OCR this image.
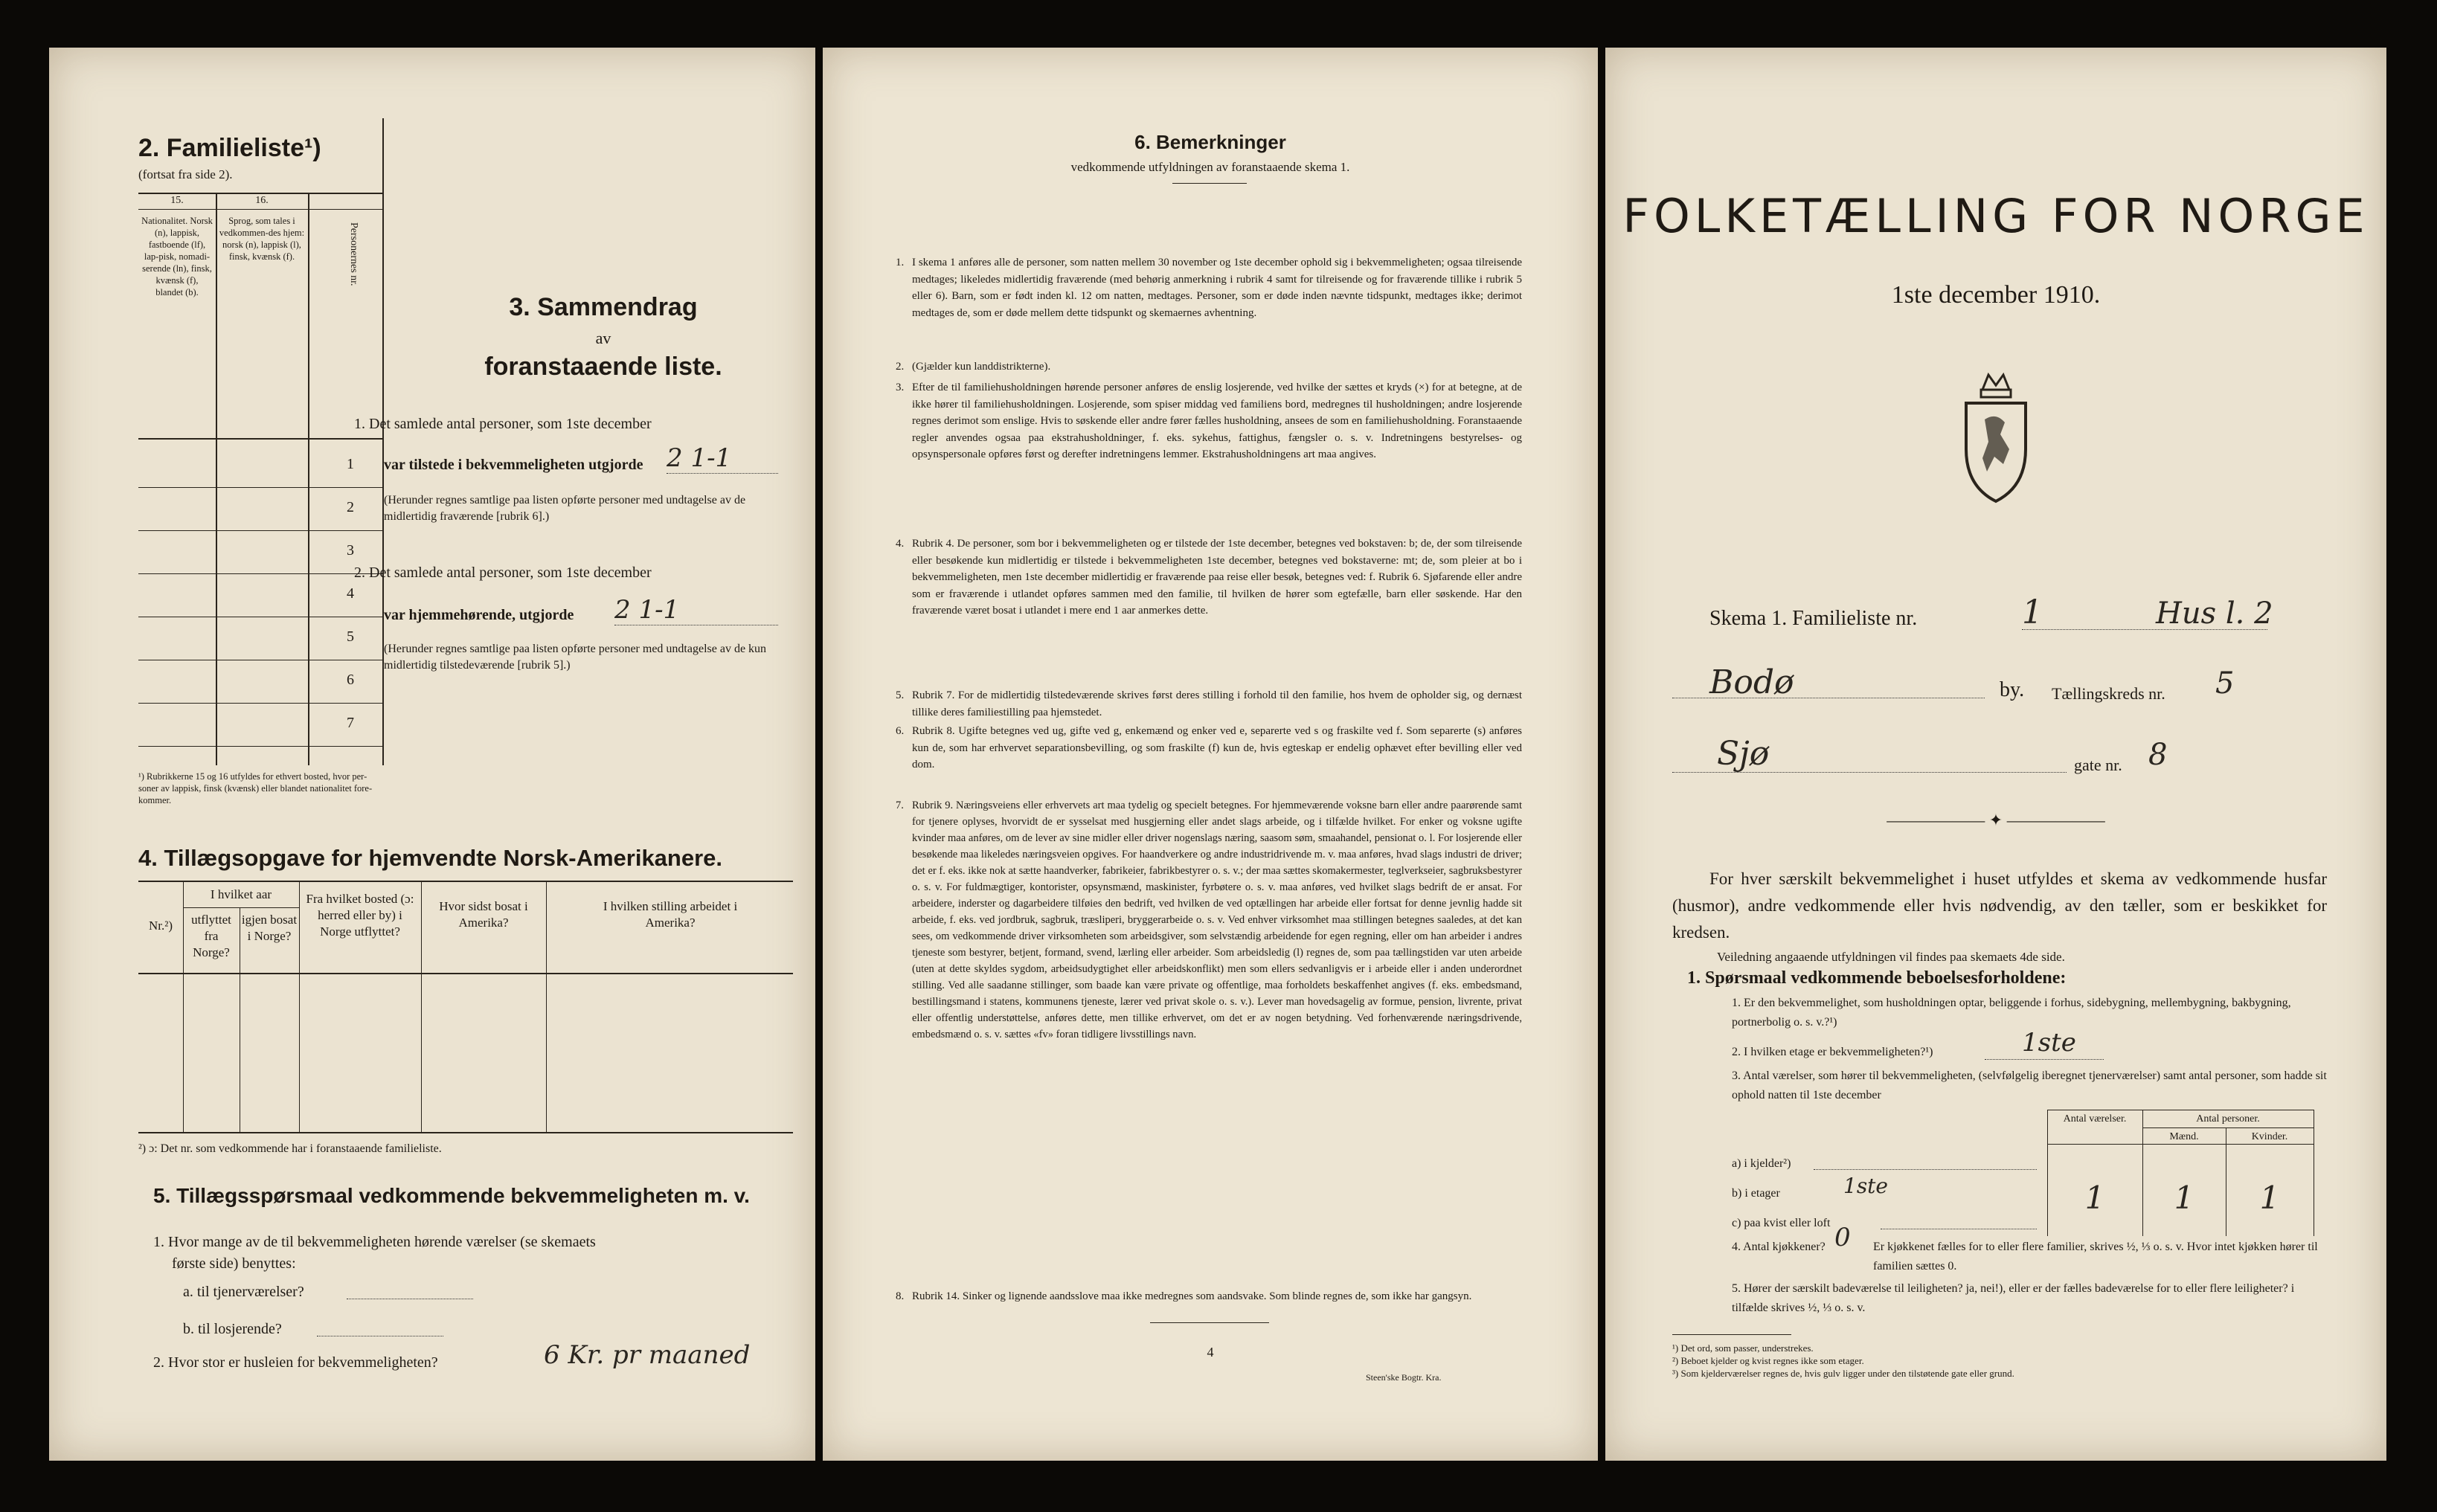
2. Familieliste¹)
(fortsat fra side 2).
15.	16.
Nationalitet. Norsk (n), lappisk, fastboende (lf), lap-pisk, nomadi-serende (ln), finsk, kvænsk (f), blandet (b).
Sprog, som tales i vedkommen-des hjem: norsk (n), lappisk (l), finsk, kvænsk (f).	Personernes nr.
1
2
3
4
5
6
7
¹) Rubrikkerne 15 og 16 utfyldes for ethvert bosted, hvor per-soner av lappisk, finsk (kvænsk) eller blandet nationalitet fore-kommer.
3. Sammendrag
av
foranstaaende liste.
1. Det samlede antal personer, som 1ste december
var tilstede i bekvemmeligheten utgjorde 2 1-1
(Herunder regnes samtlige paa listen opførte personer med undtagelse av de midlertidig fraværende [rubrik 6].)
2. Det samlede antal personer, som 1ste december
var hjemmehørende, utgjorde 2 1-1
(Herunder regnes samtlige paa listen opførte personer med undtagelse av de kun midlertidig tilstedeværende [rubrik 5].)
4. Tillægsopgave for hjemvendte Norsk-Amerikanere.
Nr.²)
I hvilket aar
utflyttet fra Norge?
igjen bosat i Norge?
Fra hvilket bosted (ɔ: herred eller by) i Norge utflyttet?
Hvor sidst bosat i Amerika?
I hvilken stilling arbeidet i Amerika?
²) ɔ: Det nr. som vedkommende har i foranstaaende familieliste.
5. Tillægsspørsmaal vedkommende bekvemmeligheten m. v.
1. Hvor mange av de til bekvemmeligheten hørende værelser (se skemaets
første side) benyttes:
a. til tjenerværelser?
b. til losjerende?
2. Hvor stor er husleien for bekvemmeligheten?	6 Kr. pr maaned
6. Bemerkninger
vedkommende utfyldningen av foranstaaende skema 1.
1. I skema 1 anføres alle de personer, som natten mellem 30 november og 1ste december ophold sig i bekvemmeligheten; ogsaa tilreisende medtages; likeledes midlertidig fraværende (med behørig anmerkning i rubrik 4 samt for tilreisende og for fraværende tillike i rubrik 5 eller 6). Barn, som er født inden kl. 12 om natten, medtages. Personer, som er døde inden nævnte tidspunkt, medtages ikke; derimot medtages de, som er døde mellem dette tidspunkt og skemaernes avhentning.
2. (Gjælder kun landdistrikterne).
3. Efter de til familiehusholdningen hørende personer anføres de enslig losjerende, ved hvilke der sættes et kryds (×) for at betegne, at de ikke hører til familiehusholdningen. Losjerende, som spiser middag ved familiens bord, medregnes til husholdningen; andre losjerende regnes derimot som enslige. Hvis to søskende eller andre fører fælles husholdning, ansees de som en familiehusholdning. Foranstaaende regler anvendes ogsaa paa ekstrahusholdninger, f. eks. sykehus, fattighus, fængsler o. s. v. Indretningens bestyrelses- og opsynspersonale opføres først og derefter indretningens lemmer. Ekstrahusholdningens art maa angives.
4. Rubrik 4. De personer, som bor i bekvemmeligheten og er tilstede der 1ste december, betegnes ved bokstaven: b; de, der som tilreisende eller besøkende kun midlertidig er tilstede i bekvemmeligheten 1ste december, betegnes ved bokstaverne: mt; de, som pleier at bo i bekvemmeligheten, men 1ste december midlertidig er fraværende paa reise eller besøk, betegnes ved: f. Rubrik 6. Sjøfarende eller andre som er fraværende i utlandet opføres sammen med den familie, til hvilken de hører som egtefælle, barn eller søskende. Har den fraværende været bosat i utlandet i mere end 1 aar anmerkes dette.
5. Rubrik 7. For de midlertidig tilstedeværende skrives først deres stilling i forhold til den familie, hos hvem de opholder sig, og dernæst tillike deres familiestilling paa hjemstedet.
6. Rubrik 8. Ugifte betegnes ved ug, gifte ved g, enkemænd og enker ved e, separerte ved s og fraskilte ved f. Som separerte (s) anføres kun de, som har erhvervet separationsbevilling, og som fraskilte (f) kun de, hvis egteskap er endelig ophævet efter bevilling eller ved dom.
7. Rubrik 9. Næringsveiens eller erhvervets art maa tydelig og specielt betegnes. For hjemmeværende voksne barn eller andre paarørende samt for tjenere oplyses, hvorvidt de er sysselsat med husgjerning eller andet slags arbeide, og i tilfælde hvilket. For enker og voksne ugifte kvinder maa anføres, om de lever av sine midler eller driver nogenslags næring, saasom søm, smaahandel, pensionat o. l. For losjerende eller besøkende maa likeledes næringsveien opgives. For haandverkere og andre industridrivende m. v. maa anføres, hvad slags industri de driver; det er f. eks. ikke nok at sætte haandverker, fabrikeier, fabrikbestyrer o. s. v.; der maa sættes skomakermester, teglverkseier, sagbruksbestyrer o. s. v. For fuldmægtiger, kontorister, opsynsmænd, maskinister, fyrbøtere o. s. v. maa anføres, ved hvilket slags bedrift de er ansat. For arbeidere, inderster og dagarbeidere tilføies den bedrift, ved hvilken de ved optællingen har arbeide eller fortsat for denne jevnlig hadde sit arbeide, f. eks. ved jordbruk, sagbruk, træsliperi, bryggerarbeide o. s. v. Ved enhver virksomhet maa stillingen betegnes saaledes, at det kan sees, om vedkommende driver virksomheten som arbeidsgiver, som selvstændig arbeidende for egen regning, eller om han arbeider i andres tjeneste som bestyrer, betjent, formand, svend, lærling eller arbeider. Som arbeidsledig (l) regnes de, som paa tællingstiden var uten arbeide (uten at dette skyldes sygdom, arbeidsudygtighet eller arbeidskonflikt) men som ellers sedvanligvis er i arbeide eller i anden underordnet stilling. Ved alle saadanne stillinger, som baade kan være private og offentlige, maa forholdets beskaffenhet angives (f. eks. embedsmand, bestillingsmand i statens, kommunens tjeneste, lærer ved privat skole o. s. v.). Lever man hovedsagelig av formue, pension, livrente, privat eller offentlig understøttelse, anføres dette, men tillike erhvervet, om det er av nogen betydning. Ved forhenværende næringsdrivende, embedsmænd o. s. v. sættes «fv» foran tidligere livsstillings navn.
8. Rubrik 14. Sinker og lignende aandsslove maa ikke medregnes som aandsvake. Som blinde regnes de, som ikke har gangsyn.
4
Steen'ske Bogtr. Kra.
FOLKETÆLLING FOR NORGE
1ste december 1910.
Skema 1. Familieliste nr.	1	Hus l. 2
Bodø	by. Tællingskreds nr. 5
Sjø	gate nr. 8
—————— ✦ ——————
For hver særskilt bekvemmelighet i huset utfyldes et skema av vedkommende husfar (husmor), andre vedkommende eller hvis nødvendig, av den tæller, som er beskikket for kredsen.
Veiledning angaaende utfyldningen vil findes paa skemaets 4de side.
1. Spørsmaal vedkommende beboelsesforholdene:
1. Er den bekvemmelighet, som husholdningen optar, beliggende i forhus, sidebygning, mellembygning, bakbygning, portnerbolig o. s. v.?¹)
2. I hvilken etage er bekvemmeligheten?¹)	1ste
3. Antal værelser, som hører til bekvemmeligheten, (selvfølgelig iberegnet tjenerværelser) samt antal personer, som hadde sit ophold natten til 1ste december
Antal værelser.	Antal personer.
Mænd.	Kvinder.
a) i kjelder²)
b) i etager	1ste	1	1	1
c) paa kvist eller loft
4. Antal kjøkkener? 0 Er kjøkkenet fælles for to eller flere familier, skrives ½, ⅓ o. s. v. Hvor intet kjøkken hører til familien sættes 0.
5. Hører der særskilt badeværelse til leiligheten? ja, nei!), eller er der fælles badeværelse for to eller flere leiligheter? i tilfælde skrives ½, ⅓ o. s. v.
¹) Det ord, som passer, understrekes.
²) Beboet kjelder og kvist regnes ikke som etager.
³) Som kjelderværelser regnes de, hvis gulv ligger under den tilstøtende gate eller grund.
